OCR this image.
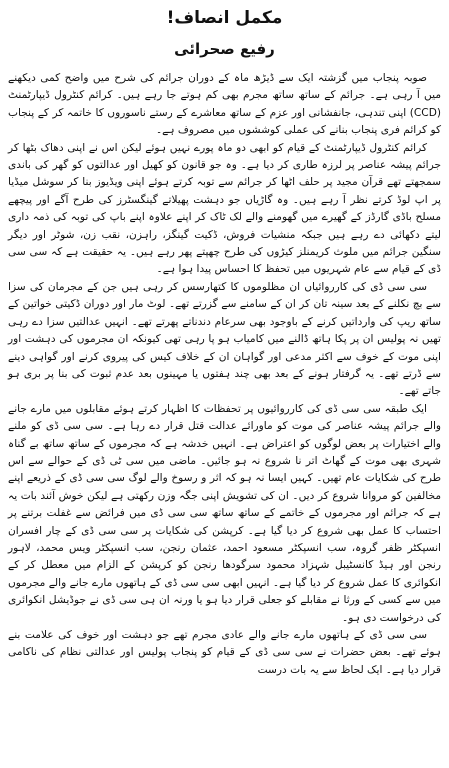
مکمل انصاف!
رفیع صحرائی

صوبہ پنجاب میں گزشتہ ایک سے ڈیڑھ ماہ کے دوران جرائم کی شرح میں واضح کمی دیکھنے میں آ رہی ہے۔ جرائم کے ساتھ ساتھ مجرم بھی کم ہوتے جا رہے ہیں۔ کرائم کنٹرول ڈیپارٹمنٹ (CCD) اپنی تندہی، جانفشانی اور عزم کے ساتھ معاشرے کے رستے ناسوروں کا خاتمہ کر کے پنجاب کو کرائم فری پنجاب بنانے کی عملی کوششوں میں مصروف ہے۔

کرائم کنٹرول ڈیپارٹمنٹ کے قیام کو ابھی دو ماہ پورے نہیں ہوئے لیکن اس نے اپنی دھاک بٹھا کر جرائم پیشہ عناصر پر لرزہ طاری کر دیا ہے۔ وہ جو قانون کو کھیل اور عدالتوں کو گھر کی باندی سمجھتے تھے قرآن مجید پر حلف اٹھا کر جرائم سے توبہ کرتے ہوئے اپنی ویڈیوز بنا کر سوشل میڈیا پر اپ لوڈ کرتے نظر آ رہے ہیں۔ وہ گاڑیاں جو دہشت پھیلاتے گینگسٹرز کی طرح آگے اور پیچھے مسلح باڈی گارڈز کے گھیرے میں گھومنے والے لک ٹاک کر اپنے علاوہ اپنے باپ کی توبہ کی ذمہ داری لیتے دکھائی دے رہے ہیں جبکہ منشیات فروش، ڈکیت گینگز، راہزن، نقب زن، شوٹر اور دیگر سنگین جرائم میں ملوث کریمنلز کیڑوں کی طرح چھپتے پھر رہے ہیں۔ یہ حقیقت ہے کہ سی سی ڈی کے قیام سے عام شہریوں میں تحفظ کا احساس پیدا ہوا ہے۔

سی سی ڈی کی کارروائیاں ان مظلوموں کا کتھارسس کر رہی ہیں جن کے مجرمان کی سزا سے بچ نکلنے کے بعد سینہ تان کر ان کے سامنے سے گزرتے تھے۔ لوٹ مار اور دوران ڈکیتی خواتین کے ساتھ ریپ کی وارداتیں کرنے کے باوجود بھی سرعام دندناتے پھرتے تھے۔ انہیں عدالتیں سزا دے رہی تھیں نہ پولیس ان پر پکا ہاتھ ڈالنے میں کامیاب ہو پا رہی تھی کیونکہ ان مجرموں کی دہشت اور اپنی موت کے خوف سے اکثر مدعی اور گواہان ان کے خلاف کیس کی پیروی کرنے اور گواہی دینے سے ڈرتے تھے۔ یہ گرفتار ہونے کے بعد بھی چند ہفتوں یا مہینوں بعد عدم ثبوت کی بنا پر بری ہو جاتے تھے۔

ایک طبقہ سی سی ڈی کی کارروائیوں پر تحفظات کا اظہار کرتے ہوئے مقابلوں میں مارے جانے والے جرائم پیشہ عناصر کی موت کو ماورائے عدالت قتل قرار دے رہا ہے۔ سی سی ڈی کو ملنے والے اختیارات پر بعض لوگوں کو اعتراض ہے۔ انہیں خدشہ ہے کہ مجرموں کے ساتھ ساتھ بے گناہ شہری بھی موت کے گھاٹ اتر نا شروع نہ ہو جائیں۔ ماضی میں سی ٹی ڈی کے حوالے سے اس طرح کی شکایات عام تھیں۔ کہیں ایسا نہ ہو کہ اثر و رسوخ والے لوگ سی سی ڈی کے ذریعے اپنے مخالفین کو مروانا شروع کر دیں۔ ان کی تشویش اپنی جگہ وزن رکھتی ہے لیکن خوش آئند بات یہ ہے کہ جرائم اور مجرموں کے خاتمے کے ساتھ ساتھ سی سی ڈی میں فرائض سے غفلت برتنے پر احتساب کا عمل بھی شروع کر دیا گیا ہے۔ کرپشن کی شکایات پر سی سی ڈی کے چار افسران انسپکٹر ظفر گروہ، سب انسپکٹر مسعود احمد، عثمان رنجن، سب انسپکٹر ویس محمد، لاہور رنجن اور ہیڈ کانسٹیبل شہزاد محمود سرگودھا رنجن کو کرپشن کے الزام میں معطل کر کے انکوائری کا عمل شروع کر دیا گیا ہے۔ انہیں ابھی سی سی ڈی کے ہاتھوں مارے جانے والے مجرموں میں سے کسی کے ورثا نے مقابلے کو جعلی قرار دیا ہو یا ورنہ ان ہی سی ڈی نے جوڈیشل انکوائری کی درخواست دی ہو۔

سی سی ڈی کے ہاتھوں مارے جانے والے عادی مجرم تھے جو دہشت اور خوف کی علامت بنے ہوئے تھے۔ بعض حضرات نے سی سی ڈی کے قیام کو پنجاب پولیس اور عدالتی نظام کی ناکامی قرار دیا ہے۔ ایک لحاظ سے یہ بات درست
